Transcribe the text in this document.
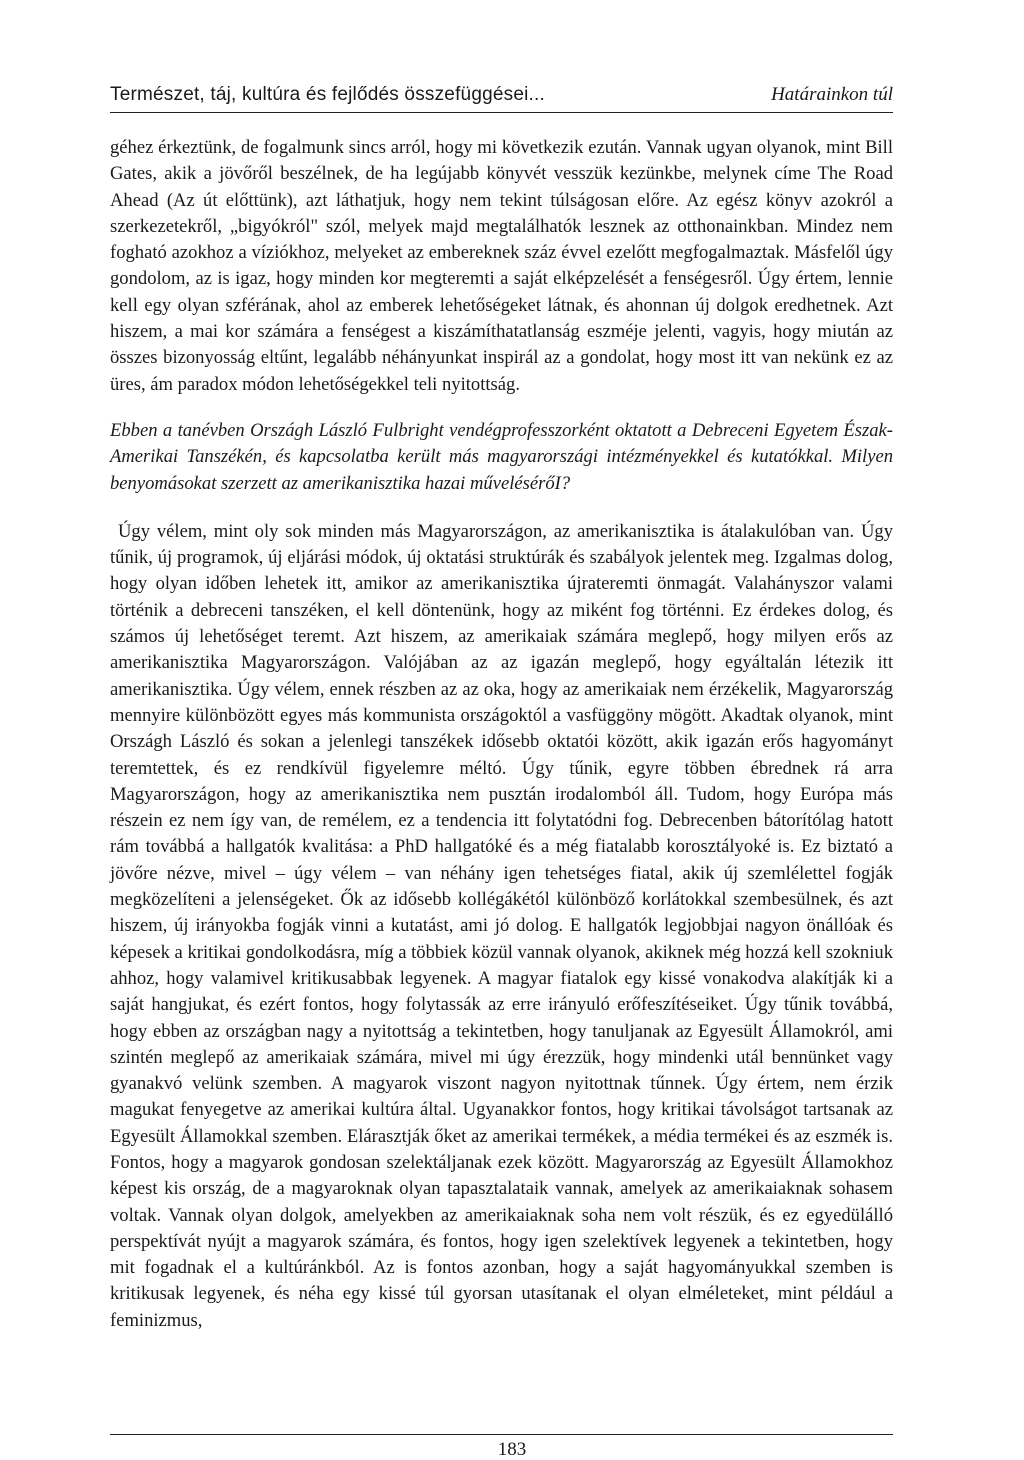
Természet, táj, kultúra és fejlődés összefüggései...	Határainkon túl

géhez érkeztünk, de fogalmunk sincs arról, hogy mi következik ezután. Vannak ugyan olyanok, mint Bill Gates, akik a jövőről beszélnek, de ha legújabb könyvét vesszük kezünkbe, melynek címe The Road Ahead (Az út előttünk), azt láthatjuk, hogy nem tekint túlságosan előre. Az egész könyv azokról a szerkezetekről, „bigyókról" szól, melyek majd megtalálhatók lesznek az otthonainkban. Mindez nem fogható azokhoz a víziókhoz, melyeket az embereknek száz évvel ezelőtt megfogalmaztak. Másfelől úgy gondolom, az is igaz, hogy minden kor megteremti a saját elképzelését a fenségesről. Úgy értem, lennie kell egy olyan szférának, ahol az emberek lehetőségeket látnak, és ahonnan új dolgok eredhetnek. Azt hiszem, a mai kor számára a fenségest a kiszámíthatatlanság eszméje jelenti, vagyis, hogy miután az összes bizonyosság eltűnt, legalább néhányunkat inspirál az a gondolat, hogy most itt van nekünk ez az üres, ám paradox módon lehetőségekkel teli nyitottság.

Ebben a tanévben Országh László Fulbright vendégprofesszorként oktatott a Debreceni Egyetem Észak-Amerikai Tanszékén, és kapcsolatba került más magyarországi intézményekkel és kutatókkal. Milyen benyomásokat szerzett az amerikanisztika hazai művelésérőI?

Úgy vélem, mint oly sok minden más Magyarországon, az amerikanisztika is átalakulóban van. Úgy tűnik, új programok, új eljárási módok, új oktatási struktúrák és szabályok jelentek meg. Izgalmas dolog, hogy olyan időben lehetek itt, amikor az amerikanisztika újrateremti önmagát. Valahányszor valami történik a debreceni tanszéken, el kell döntenünk, hogy az miként fog történni. Ez érdekes dolog, és számos új lehetőséget teremt. Azt hiszem, az amerikaiak számára meglepő, hogy milyen erős az amerikanisztika Magyarországon. Valójában az az igazán meglepő, hogy egyáltalán létezik itt amerikanisztika. Úgy vélem, ennek részben az az oka, hogy az amerikaiak nem érzékelik, Magyarország mennyire különbözött egyes más kommunista országoktól a vasfüggöny mögött. Akadtak olyanok, mint Országh László és sokan a jelenlegi tanszékek idősebb oktatói között, akik igazán erős hagyományt teremtettek, és ez rendkívül figyelemre méltó. Úgy tűnik, egyre többen ébrednek rá arra Magyarországon, hogy az amerikanisztika nem pusztán irodalomból áll. Tudom, hogy Európa más részein ez nem így van, de remélem, ez a tendencia itt folytatódni fog. Debrecenben bátorítólag hatott rám továbbá a hallgatók kvalitása: a PhD hallgatóké és a még fiatalabb korosztályoké is. Ez biztató a jövőre nézve, mivel – úgy vélem – van néhány igen tehetséges fiatal, akik új szemlélettel fogják megközelíteni a jelenségeket. Ők az idősebb kollégákétól különböző korlátokkal szembesülnek, és azt hiszem, új irányokba fogják vinni a kutatást, ami jó dolog. E hallgatók legjobbjai nagyon önállóak és képesek a kritikai gondolkodásra, míg a többiek közül vannak olyanok, akiknek még hozzá kell szokniuk ahhoz, hogy valamivel kritikusabbak legyenek. A magyar fiatalok egy kissé vonakodva alakítják ki a saját hangjukat, és ezért fontos, hogy folytassák az erre irányuló erőfeszítéseiket. Úgy tűnik továbbá, hogy ebben az országban nagy a nyitottság a tekintetben, hogy tanuljanak az Egyesült Államokról, ami szintén meglepő az amerikaiak számára, mivel mi úgy érezzük, hogy mindenki utál bennünket vagy gyanakvó velünk szemben. A magyarok viszont nagyon nyitottnak tűnnek. Úgy értem, nem érzik magukat fenyegetve az amerikai kultúra által. Ugyanakkor fontos, hogy kritikai távolságot tartsanak az Egyesült Államokkal szemben. Elárasztják őket az amerikai termékek, a média termékei és az eszmék is. Fontos, hogy a magyarok gondosan szelektáljanak ezek között. Magyarország az Egyesült Államokhoz képest kis ország, de a magyaroknak olyan tapasztalataik vannak, amelyek az amerikaiaknak sohasem voltak. Vannak olyan dolgok, amelyekben az amerikaiaknak soha nem volt részük, és ez egyedülálló perspektívát nyújt a magyarok számára, és fontos, hogy igen szelektívek legyenek a tekintetben, hogy mit fogadnak el a kultúránkból. Az is fontos azonban, hogy a saját hagyományukkal szemben is kritikusak legyenek, és néha egy kissé túl gyorsan utasítanak el olyan elméleteket, mint például a feminizmus,

183
